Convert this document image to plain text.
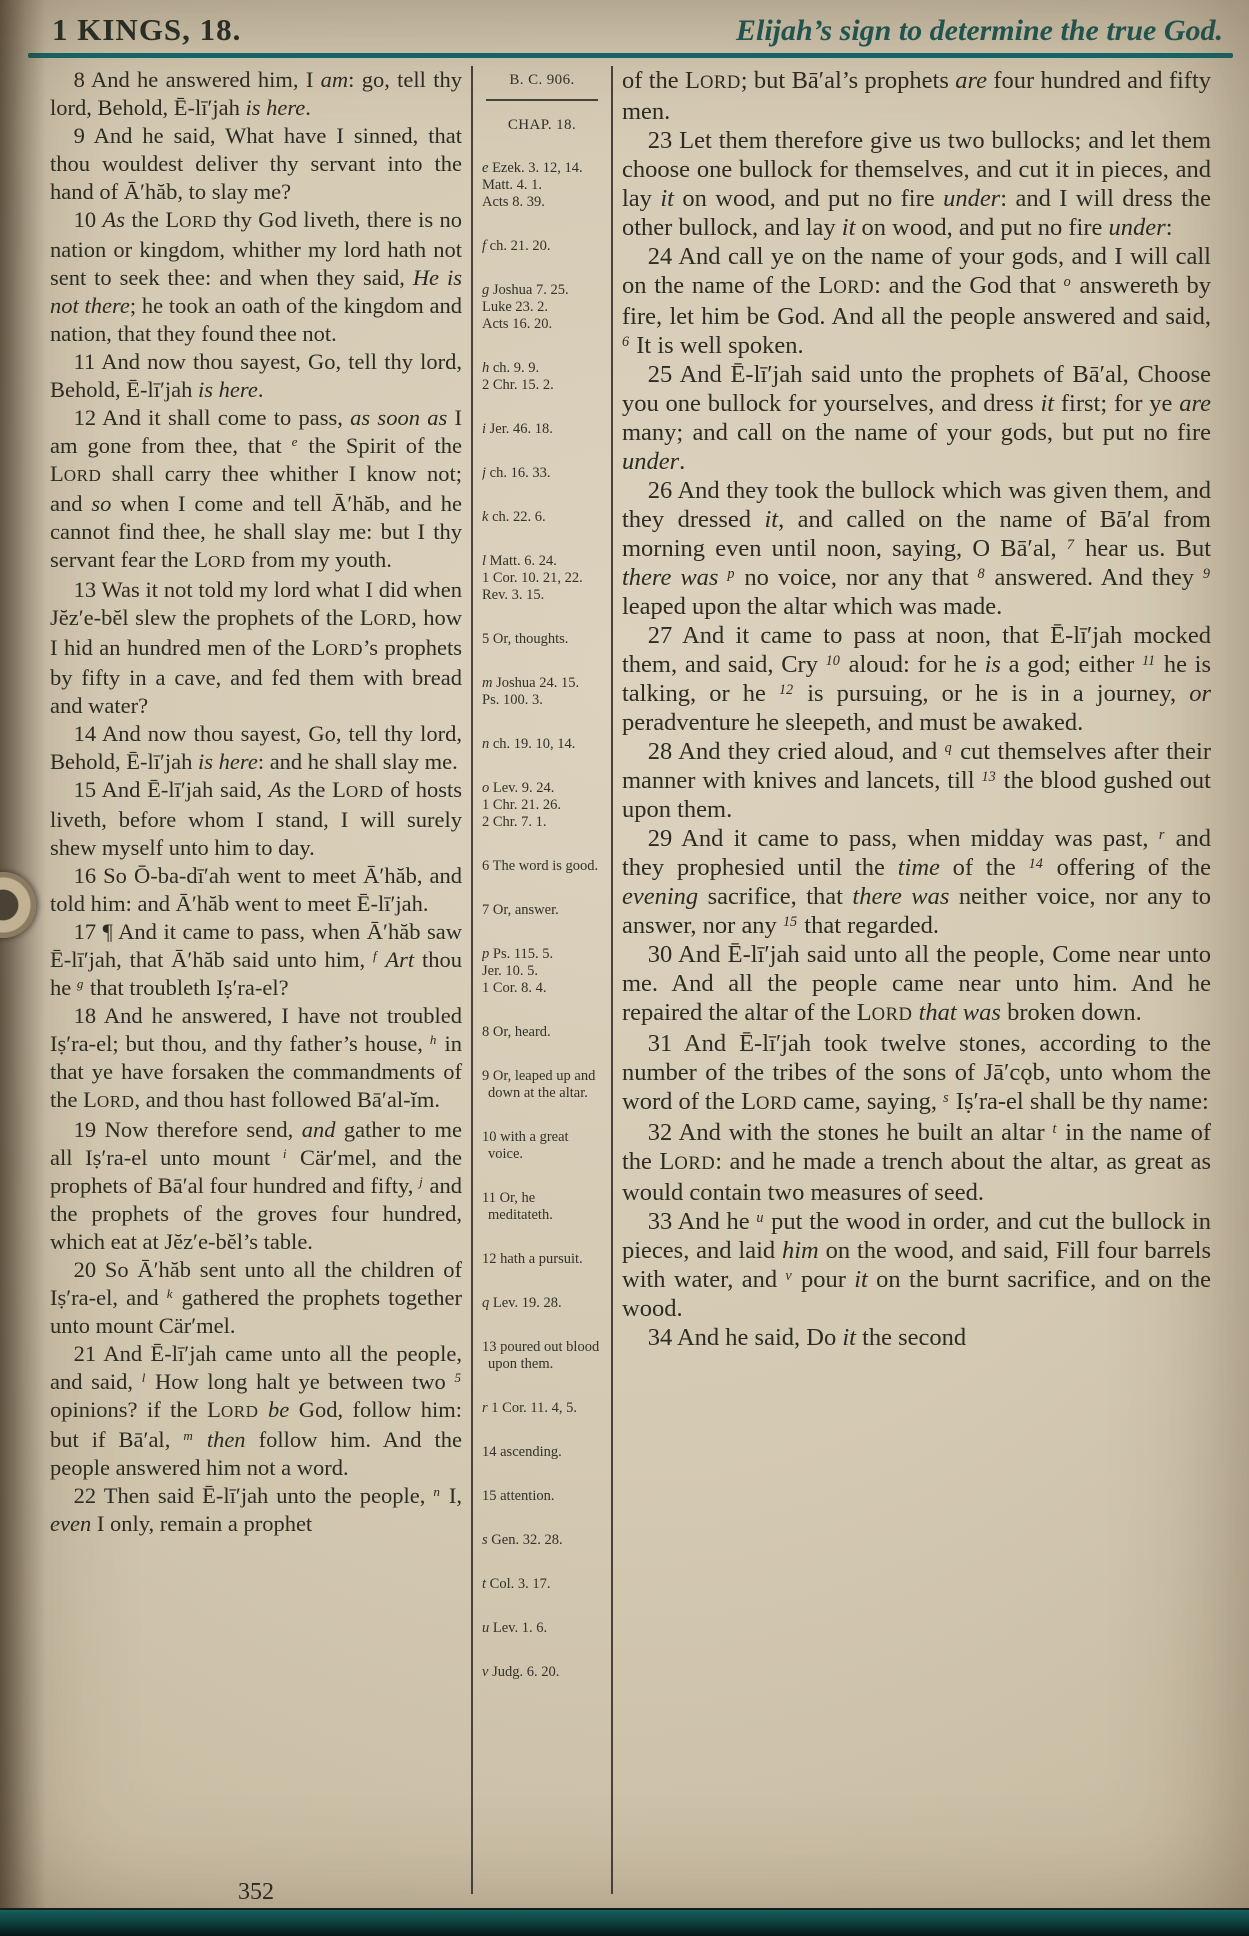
1 KINGS, 18.	Elijah’s sign to determine the true God.

8 And he answered him, I am: go, tell thy lord, Behold, Ē-lī′jah is here.

9 And he said, What have I sinned, that thou wouldest deliver thy servant into the hand of Ā′hăb, to slay me?

10 As the LORD thy God liveth, there is no nation or kingdom, whither my lord hath not sent to seek thee: and when they said, He is not there; he took an oath of the kingdom and nation, that they found thee not.

11 And now thou sayest, Go, tell thy lord, Behold, Ē-lī′jah is here.

12 And it shall come to pass, as soon as I am gone from thee, that $^e$ the Spirit of the LORD shall carry thee whither I know not; and so when I come and tell Ā′hăb, and he cannot find thee, he shall slay me: but I thy servant fear the LORD from my youth.

13 Was it not told my lord what I did when Jĕz′e-bĕl slew the prophets of the LORD, how I hid an hundred men of the LORD’s prophets by fifty in a cave, and fed them with bread and water?

14 And now thou sayest, Go, tell thy lord, Behold, Ē-lī′jah is here: and he shall slay me.

15 And Ē-lī′jah said, As the LORD of hosts liveth, before whom I stand, I will surely shew myself unto him to day.

16 So Ō-ba-dī′ah went to meet Ā′hăb, and told him: and Ā′hăb went to meet Ē-lī′jah.

17 ¶ And it came to pass, when Ā′hăb saw Ē-lī′jah, that Ā′hăb said unto him, $^f$ Art thou he $^g$ that troubleth Iṣ′ra-el?

18 And he answered, I have not troubled Iṣ′ra-el; but thou, and thy father’s house, $^h$ in that ye have forsaken the commandments of the LORD, and thou hast followed Bā′al-ĭm.

19 Now therefore send, and gather to me all Iṣ′ra-el unto mount $^i$ Cär′mel, and the prophets of Bā′al four hundred and fifty, $^j$ and the prophets of the groves four hundred, which eat at Jĕz′e-bĕl’s table.

20 So Ā′hăb sent unto all the children of Iṣ′ra-el, and $^k$ gathered the prophets together unto mount Cär′mel.

21 And Ē-lī′jah came unto all the people, and said, $^l$ How long halt ye between two $^5$ opinions? if the LORD be God, follow him: but if Bā′al, $^m$ then follow him. And the people answered him not a word.

22 Then said Ē-lī′jah unto the people, $^n$ I, even I only, remain a prophet

B. C. 906.
CHAP. 18.
e Ezek. 3. 12, 14.
Matt. 4. 1.
Acts 8. 39.
f ch. 21. 20.
g Joshua 7. 25.
Luke 23. 2.
Acts 16. 20.
h ch. 9. 9.
2 Chr. 15. 2.
i Jer. 46. 18.
j ch. 16. 33.
k ch. 22. 6.
l Matt. 6. 24.
1 Cor. 10. 21, 22.
Rev. 3. 15.
5 Or, thoughts.
m Joshua 24. 15.
Ps. 100. 3.
n ch. 19. 10, 14.
o Lev. 9. 24.
1 Chr. 21. 26.
2 Chr. 7. 1.
6 The word is good.
7 Or, answer.
p Ps. 115. 5.
Jer. 10. 5.
1 Cor. 8. 4.
8 Or, heard.
9 Or, leaped up and down at the altar.
10 with a great voice.
11 Or, he meditateth.
12 hath a pursuit.
q Lev. 19. 28.
13 poured out blood upon them.
r 1 Cor. 11. 4, 5.
14 ascending.
15 attention.
s Gen. 32. 28.
t Col. 3. 17.
u Lev. 1. 6.
v Judg. 6. 20.

of the LORD; but Bā′al’s prophets are four hundred and fifty men.

23 Let them therefore give us two bullocks; and let them choose one bullock for themselves, and cut it in pieces, and lay it on wood, and put no fire under: and I will dress the other bullock, and lay it on wood, and put no fire under:

24 And call ye on the name of your gods, and I will call on the name of the LORD: and the God that $^o$ answereth by fire, let him be God. And all the people answered and said, $^6$ It is well spoken.

25 And Ē-lī′jah said unto the prophets of Bā′al, Choose you one bullock for yourselves, and dress it first; for ye are many; and call on the name of your gods, but put no fire under.

26 And they took the bullock which was given them, and they dressed it, and called on the name of Bā′al from morning even until noon, saying, O Bā′al, $^7$ hear us. But there was $^p$ no voice, nor any that $^8$ answered. And they $^9$ leaped upon the altar which was made.

27 And it came to pass at noon, that Ē-lī′jah mocked them, and said, Cry $^{10}$ aloud: for he is a god; either $^{11}$ he is talking, or he $^{12}$ is pursuing, or he is in a journey, or peradventure he sleepeth, and must be awaked.

28 And they cried aloud, and $^q$ cut themselves after their manner with knives and lancets, till $^{13}$ the blood gushed out upon them.

29 And it came to pass, when midday was past, $^r$ and they prophesied until the time of the $^{14}$ offering of the evening sacrifice, that there was neither voice, nor any to answer, nor any $^{15}$ that regarded.

30 And Ē-lī′jah said unto all the people, Come near unto me. And all the people came near unto him. And he repaired the altar of the LORD that was broken down.

31 And Ē-lī′jah took twelve stones, according to the number of the tribes of the sons of Jā′cǫb, unto whom the word of the LORD came, saying, $^s$ Iṣ′ra-el shall be thy name:

32 And with the stones he built an altar $^t$ in the name of the LORD: and he made a trench about the altar, as great as would contain two measures of seed.

33 And he $^u$ put the wood in order, and cut the bullock in pieces, and laid him on the wood, and said, Fill four barrels with water, and $^v$ pour it on the burnt sacrifice, and on the wood.

34 And he said, Do it the second

352
